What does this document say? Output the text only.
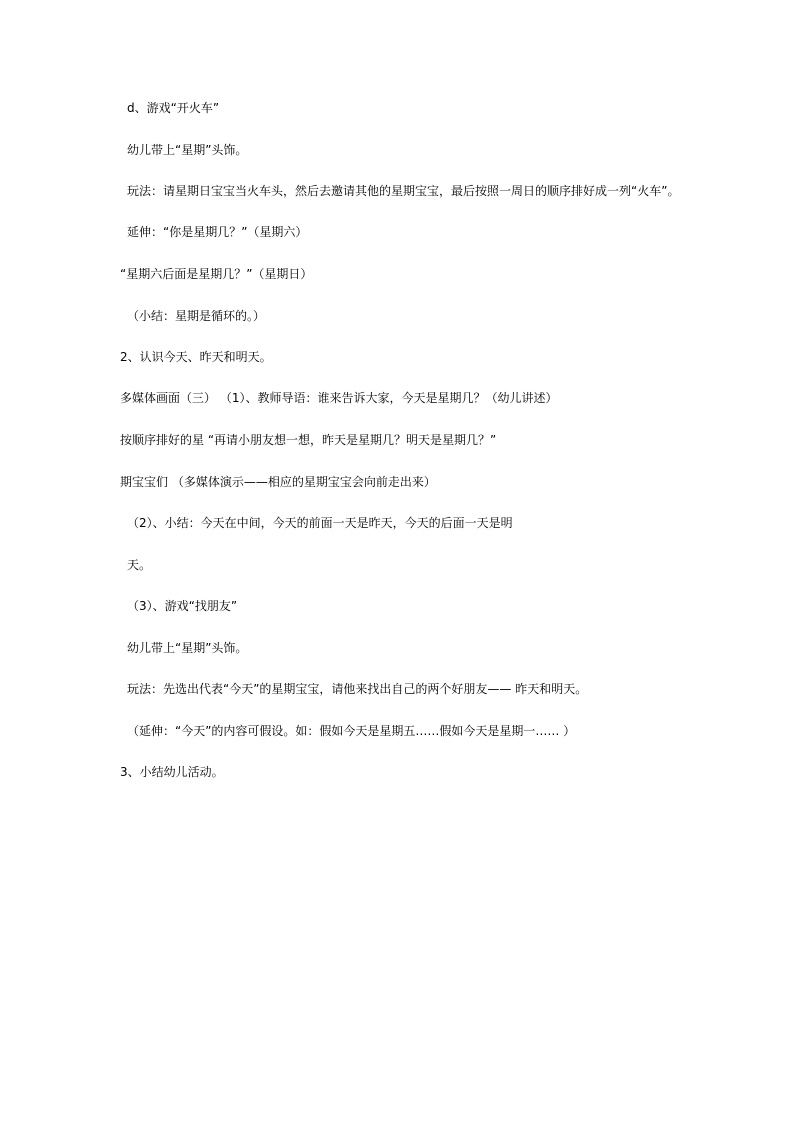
d、游戏“开火车”
幼儿带上“星期”头饰。
玩法：请星期日宝宝当火车头，然后去邀请其他的星期宝宝，最后按照一周日的顺序排好成一列“火车”。
延伸：“你是星期几？”（星期六）
“星期六后面是星期几？”（星期日）
（小结：星期是循环的。）
2、认识今天、昨天和明天。
多媒体画面（三） （1）、教师导语：谁来告诉大家，今天是星期几？（幼儿讲述）
按顺序排好的星 “再请小朋友想一想，昨天是星期几？明天是星期几？”
期宝宝们 （多媒体演示——相应的星期宝宝会向前走出来）
（2）、小结：今天在中间，今天的前面一天是昨天，今天的后面一天是明
天。
（3）、游戏“找朋友”
幼儿带上“星期”头饰。
玩法：先选出代表“今天”的星期宝宝，请他来找出自己的两个好朋友—— 昨天和明天。
（延伸：“今天”的内容可假设。如：假如今天是星期五……假如今天是星期一…… ）
3、小结幼儿活动。
